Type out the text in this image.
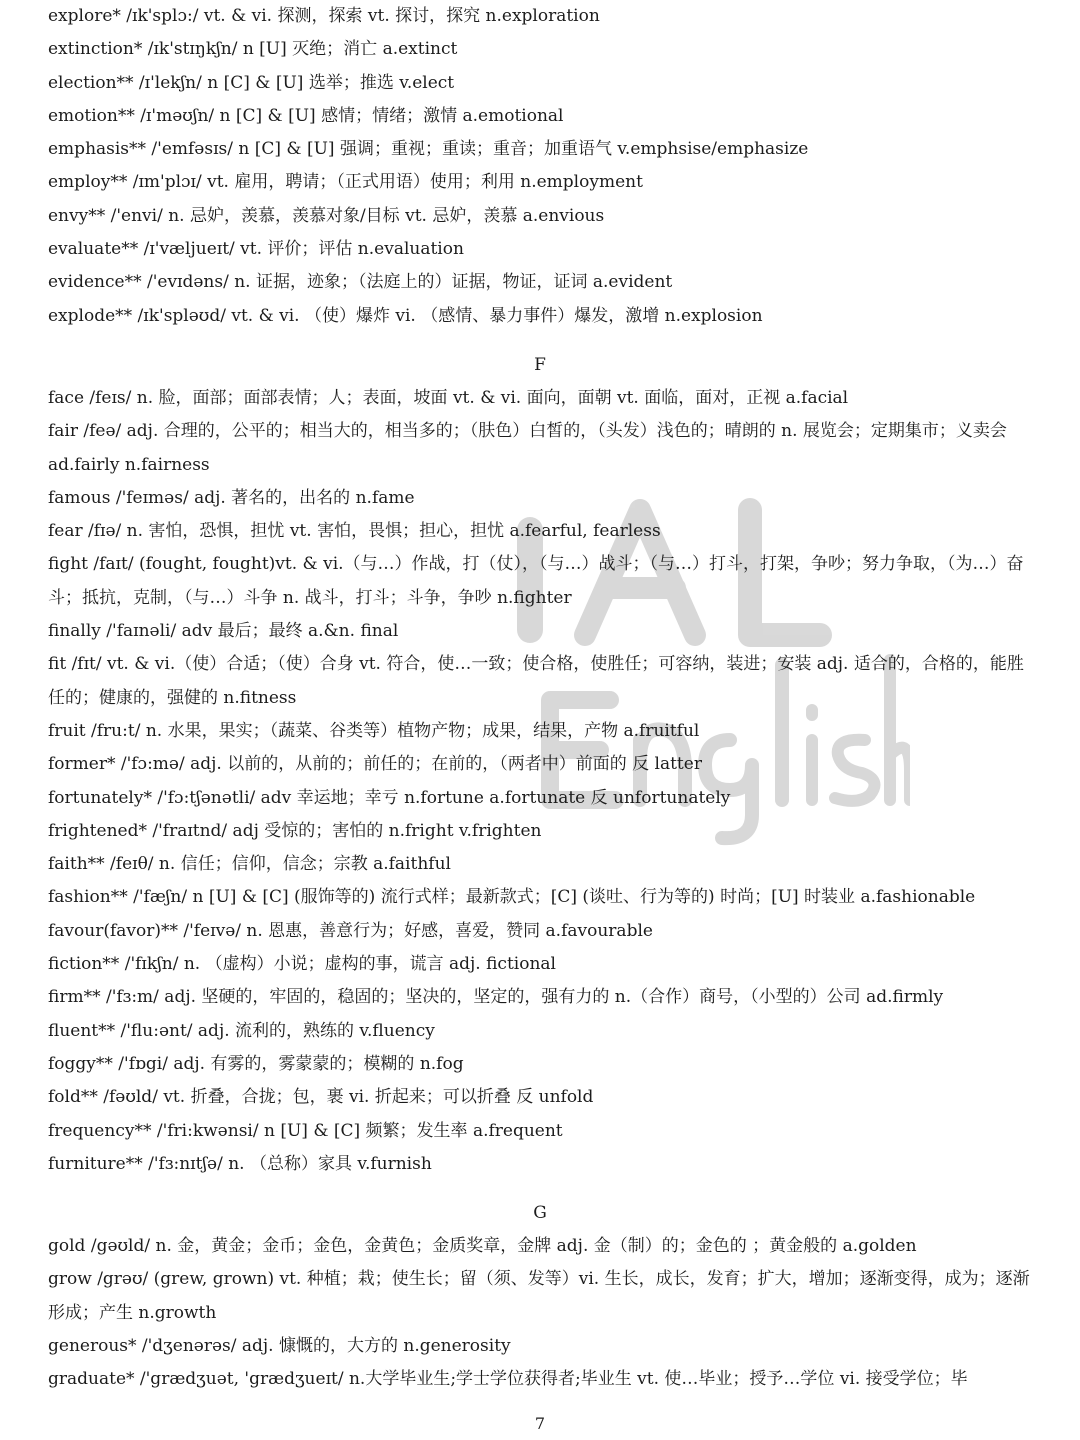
explore* /ɪk'splɔ:/ vt. & vi. 探测，探索 vt. 探讨，探究 n.exploration
extinction* /ɪk'stɪŋkʃn/ n [U] 灭绝；消亡 a.extinct
election** /ɪ'lekʃn/ n [C] & [U] 选举；推选 v.elect
emotion** /ɪ'məʊʃn/ n [C] & [U] 感情；情绪；激情 a.emotional
emphasis** /'emfəsɪs/ n [C] & [U] 强调；重视；重读；重音；加重语气 v.emphsise/emphasize
employ** /ɪm'plɔɪ/ vt. 雇用，聘请；（正式用语）使用；利用 n.employment
envy** /'envi/ n. 忌妒，羡慕，羡慕对象/目标 vt. 忌妒，羡慕 a.envious
evaluate** /ɪ'væljueɪt/ vt. 评价；评估 n.evaluation
evidence** /'evɪdəns/ n. 证据，迹象；（法庭上的）证据，物证，证词 a.evident
explode** /ɪk'spləʊd/ vt. & vi. （使）爆炸 vi. （感情、暴力事件）爆发，激增 n.explosion
F
face /feɪs/ n. 脸，面部；面部表情；人；表面，坡面 vt. & vi. 面向，面朝 vt. 面临，面对，正视 a.facial
fair /feə/ adj. 合理的，公平的；相当大的，相当多的；（肤色）白皙的，（头发）浅色的；晴朗的 n. 展览会；定期集市；义卖会 ad.fairly n.fairness
famous /'feɪməs/ adj. 著名的，出名的 n.fame
fear /fɪə/ n. 害怕，恐惧，担忧 vt. 害怕，畏惧；担心，担忧 a.fearful, fearless
fight /faɪt/ (fought, fought)vt. & vi.（与…）作战，打（仗），（与…）战斗；（与…）打斗，打架，争吵；努力争取，（为…）奋斗；抵抗，克制，（与…）斗争 n. 战斗，打斗；斗争，争吵 n.fighter
finally /'faɪnəli/ adv 最后；最终 a.&n. final
fit /fɪt/ vt. & vi.（使）合适；（使）合身 vt. 符合，使…一致；使合格，使胜任；可容纳，装进；安装 adj. 适合的，合格的，能胜任的；健康的，强健的 n.fitness
fruit /fru:t/ n. 水果，果实；（蔬菜、谷类等）植物产物；成果，结果，产物 a.fruitful
former* /'fɔ:mə/ adj. 以前的，从前的；前任的；在前的，（两者中）前面的 反 latter
fortunately* /'fɔ:tʃənətli/ adv 幸运地；幸亏 n.fortune a.fortunate 反 unfortunately
frightened* /'fraɪtnd/ adj 受惊的；害怕的 n.fright v.frighten
faith** /feɪθ/ n. 信任；信仰，信念；宗教 a.faithful
fashion** /'fæʃn/ n [U] & [C] (服饰等的) 流行式样；最新款式；[C] (谈吐、行为等的) 时尚；[U] 时装业 a.fashionable
favour(favor)** /'feɪvə/ n. 恩惠，善意行为；好感，喜爱，赞同 a.favourable
fiction** /'fɪkʃn/ n. （虚构）小说；虚构的事，谎言 adj. fictional
firm** /'fɜ:m/ adj. 坚硬的，牢固的，稳固的；坚决的，坚定的，强有力的 n.（合作）商号，（小型的）公司 ad.firmly
fluent** /'flu:ənt/ adj. 流利的，熟练的 v.fluency
foggy** /'fɒgi/ adj. 有雾的，雾蒙蒙的；模糊的 n.fog
fold** /fəʊld/ vt. 折叠，合拢；包，裹 vi. 折起来；可以折叠 反 unfold
frequency** /'fri:kwənsi/ n [U] & [C] 频繁；发生率 a.frequent
furniture** /'fɜ:nɪtʃə/ n. （总称）家具 v.furnish
G
gold /gəʊld/ n. 金，黄金；金币；金色，金黄色；金质奖章，金牌 adj. 金（制）的；金色的 ；黄金般的 a.golden
grow /grəʊ/ (grew, grown) vt. 种植；栽；使生长；留（须、发等）vi. 生长，成长，发育；扩大，增加；逐渐变得，成为；逐渐形成；产生 n.growth
generous* /'dʒenərəs/ adj. 慷慨的，大方的 n.generosity
graduate* /'grædʒuət, 'grædʒueɪt/ n.大学毕业生;学士学位获得者;毕业生 vt. 使…毕业；授予…学位 vi. 接受学位；毕
7
